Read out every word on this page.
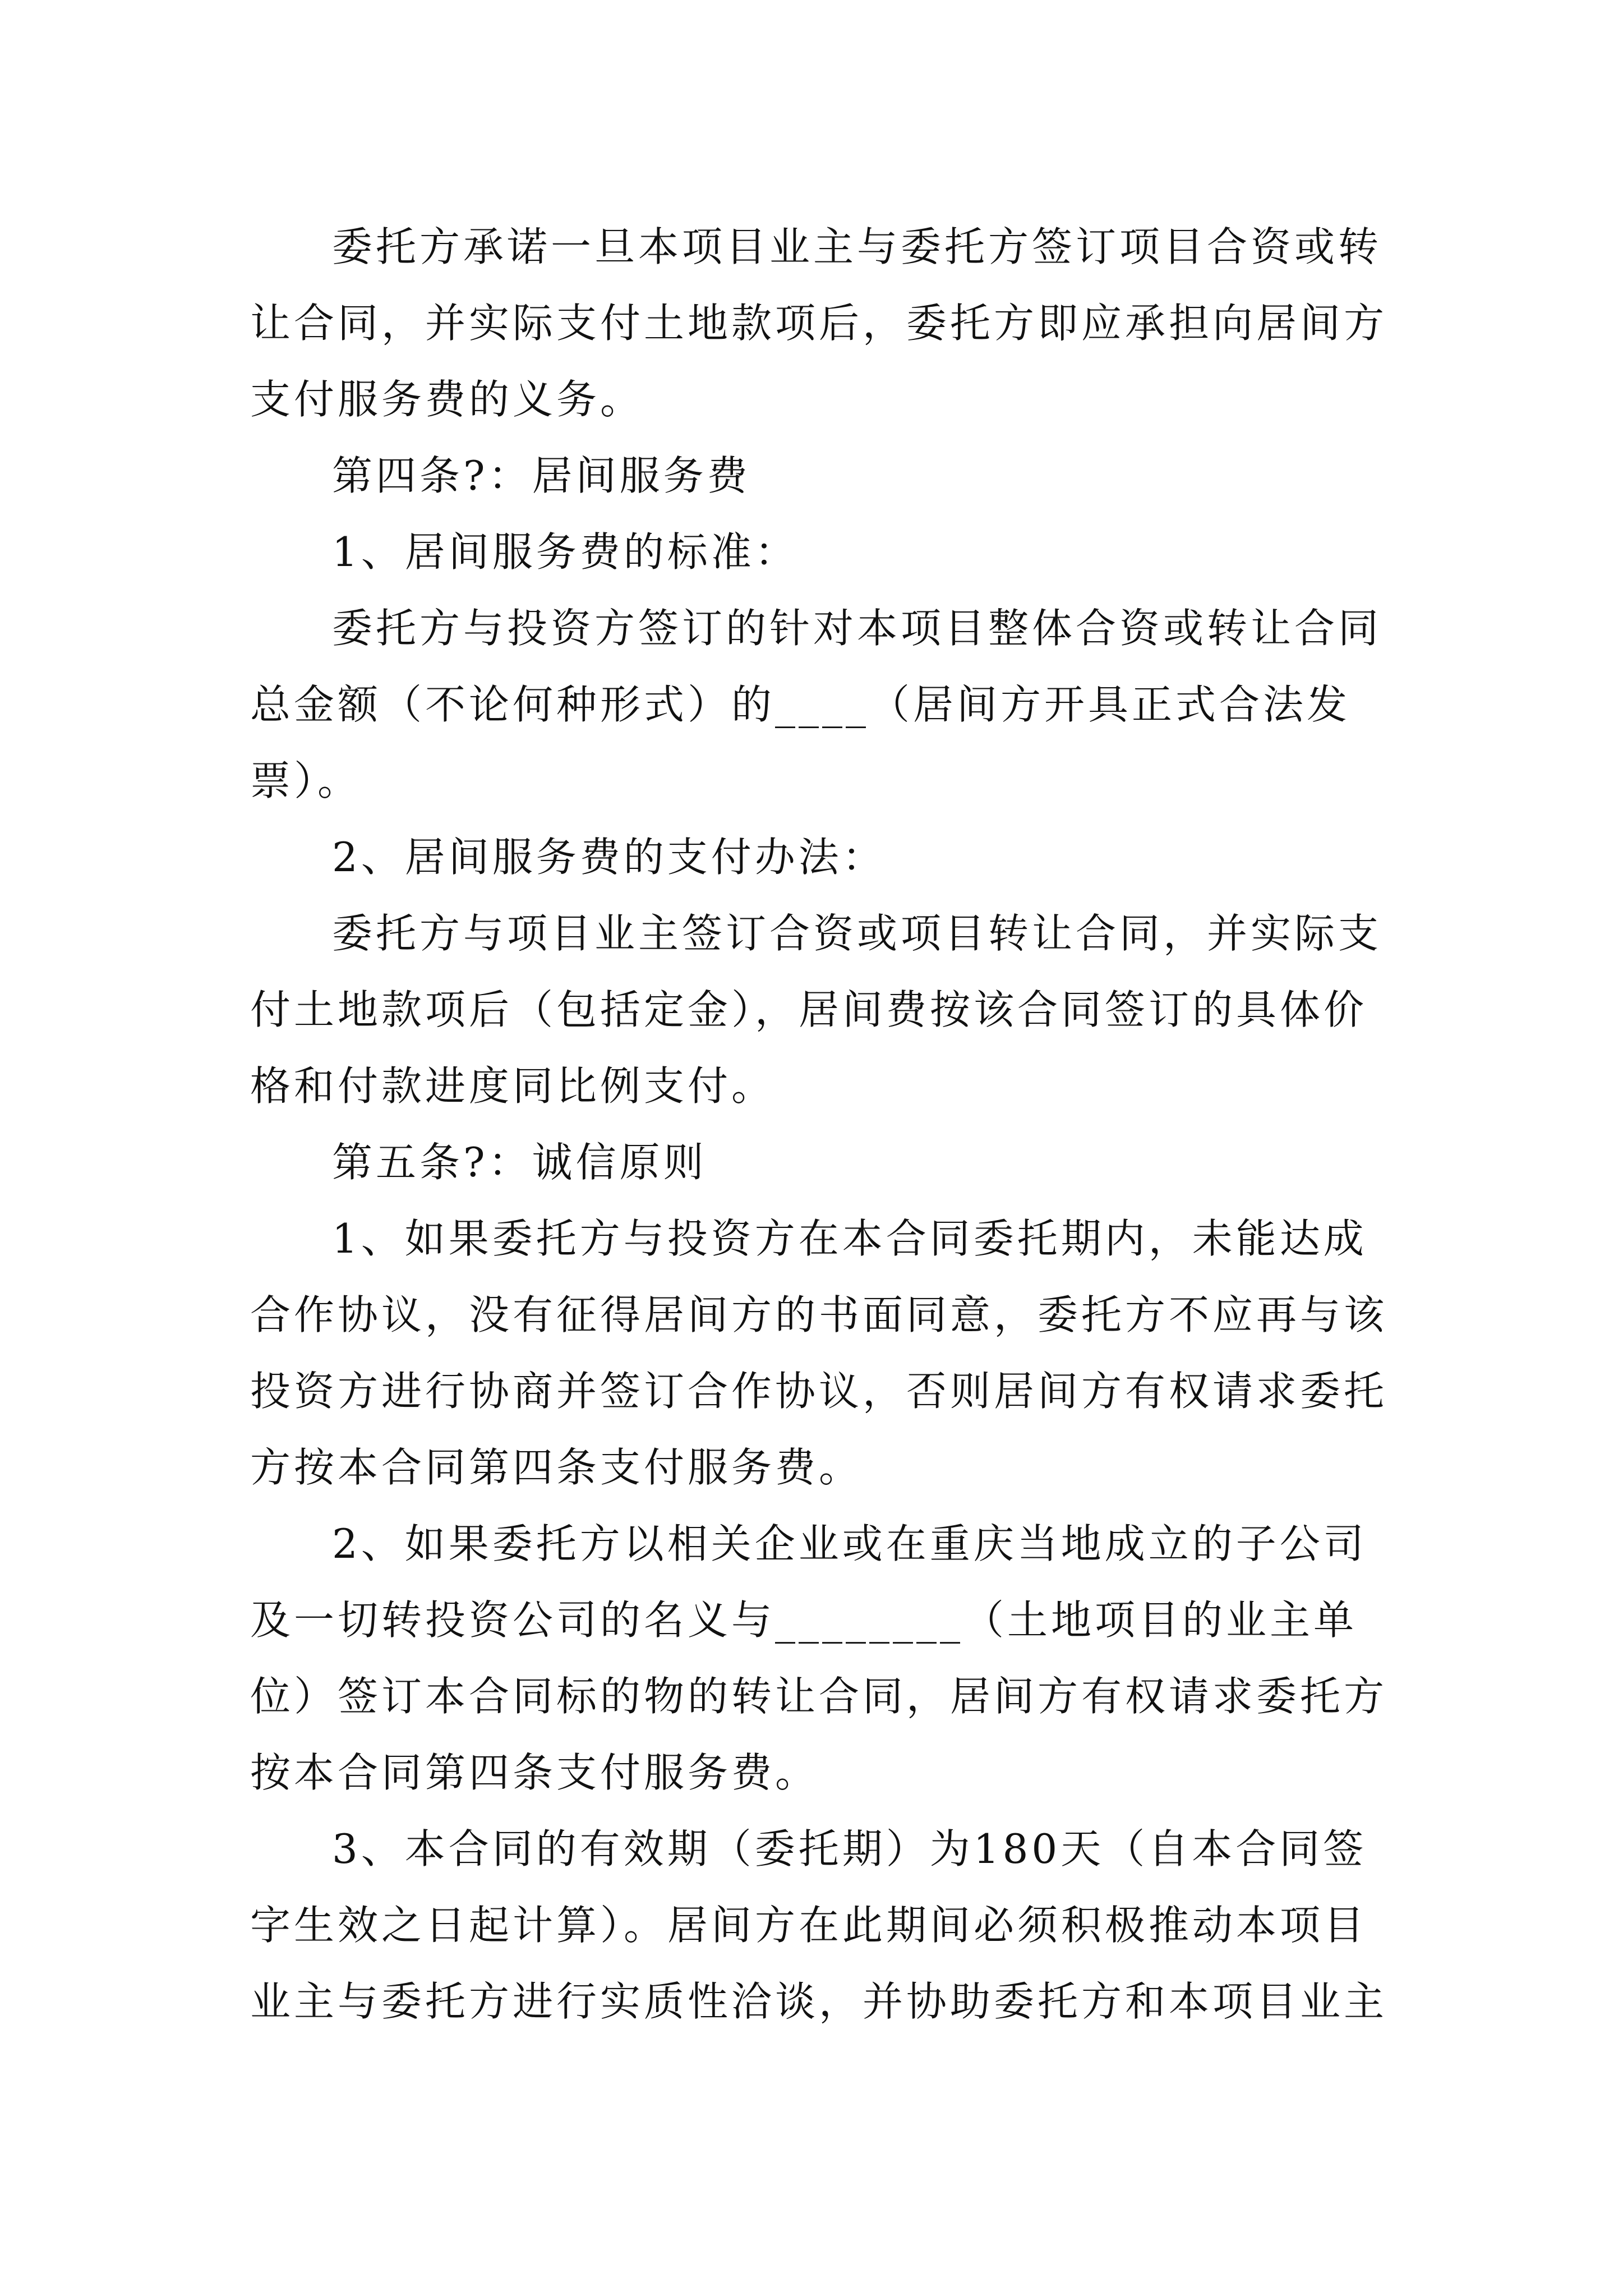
委托方承诺一旦本项目业主与委托方签订项目合资或转让合同，并实际支付土地款项后，委托方即应承担向居间方支付服务费的义务。

第四条?：居间服务费

1、居间服务费的标准：

委托方与投资方签订的针对本项目整体合资或转让合同总金额（不论何种形式）的____（居间方开具正式合法发票）。

2、居间服务费的支付办法：

委托方与项目业主签订合资或项目转让合同，并实际支付土地款项后（包括定金），居间费按该合同签订的具体价格和付款进度同比例支付。

第五条?：诚信原则

1、如果委托方与投资方在本合同委托期内，未能达成合作协议，没有征得居间方的书面同意，委托方不应再与该投资方进行协商并签订合作协议，否则居间方有权请求委托方按本合同第四条支付服务费。

2、如果委托方以相关企业或在重庆当地成立的子公司及一切转投资公司的名义与________（土地项目的业主单位）签订本合同标的物的转让合同，居间方有权请求委托方按本合同第四条支付服务费。

3、本合同的有效期（委托期）为180天（自本合同签字生效之日起计算）。居间方在此期间必须积极推动本项目业主与委托方进行实质性洽谈，并协助委托方和本项目业主
